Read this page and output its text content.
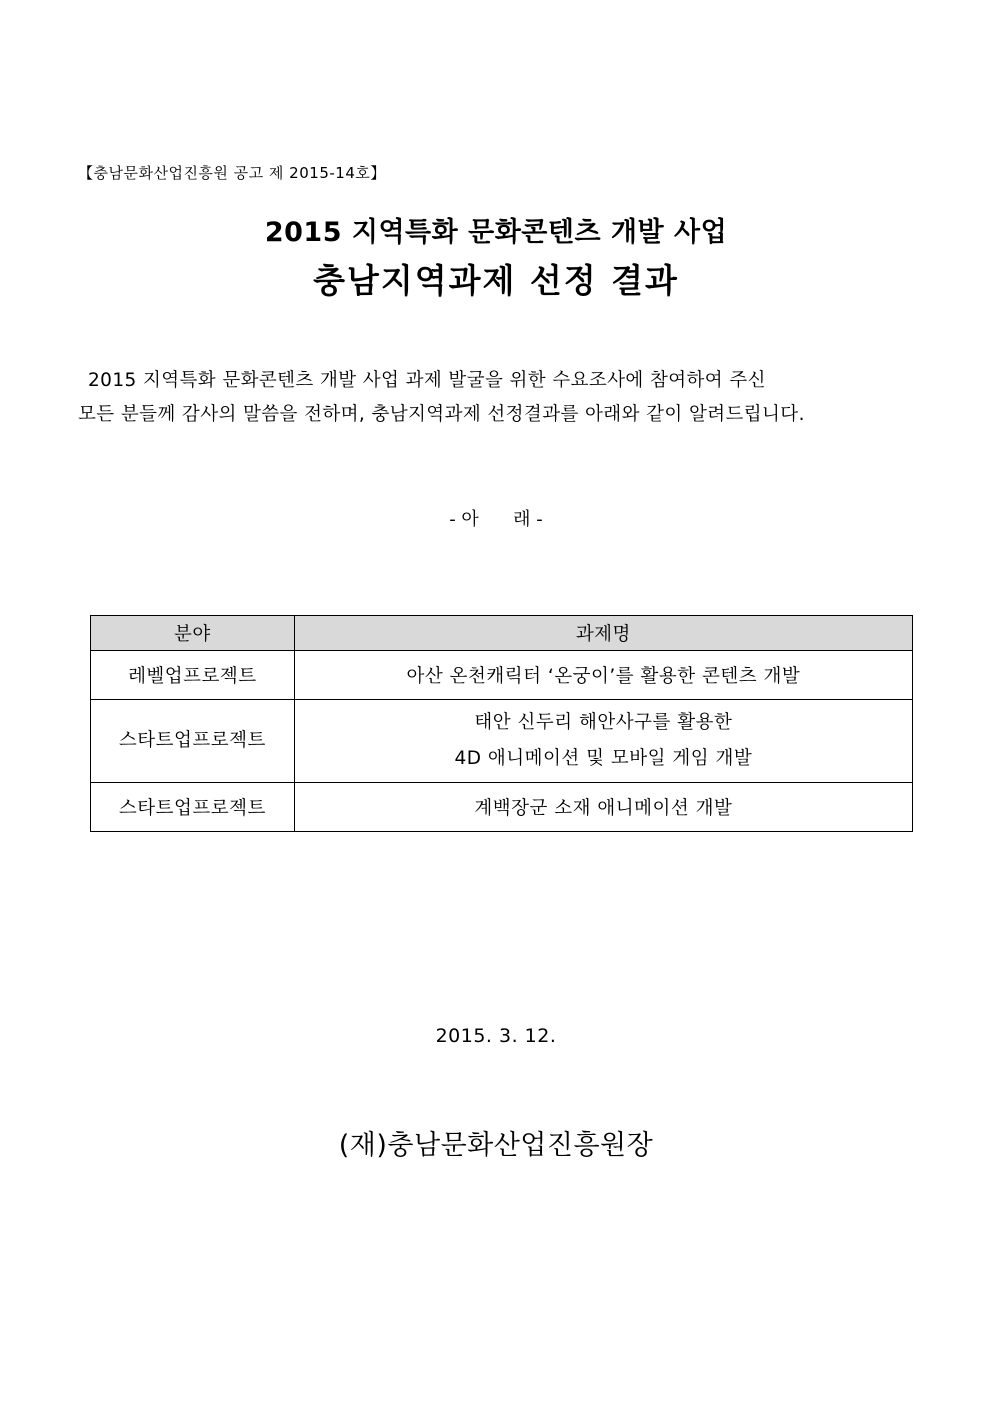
【충남문화산업진흥원 공고 제 2015-14호】
2015 지역특화 문화콘텐츠 개발 사업
충남지역과제 선정 결과
2015 지역특화 문화콘텐츠 개발 사업 과제 발굴을 위한 수요조사에 참여하여 주신
모든 분들께 감사의 말씀을 전하며, 충남지역과제 선정결과를 아래와 같이 알려드립니다.
- 아      래 -
분야	과제명
레벨업프로젝트	아산 온천캐릭터 ‘온궁이’를 활용한 콘텐츠 개발

스타트업프로젝트	태안 신두리 해안사구를 활용한
4D 애니메이션 및 모바일 게임 개발

스타트업프로젝트	계백장군 소재 애니메이션 개발
2015. 3. 12.
(재)충남문화산업진흥원장
